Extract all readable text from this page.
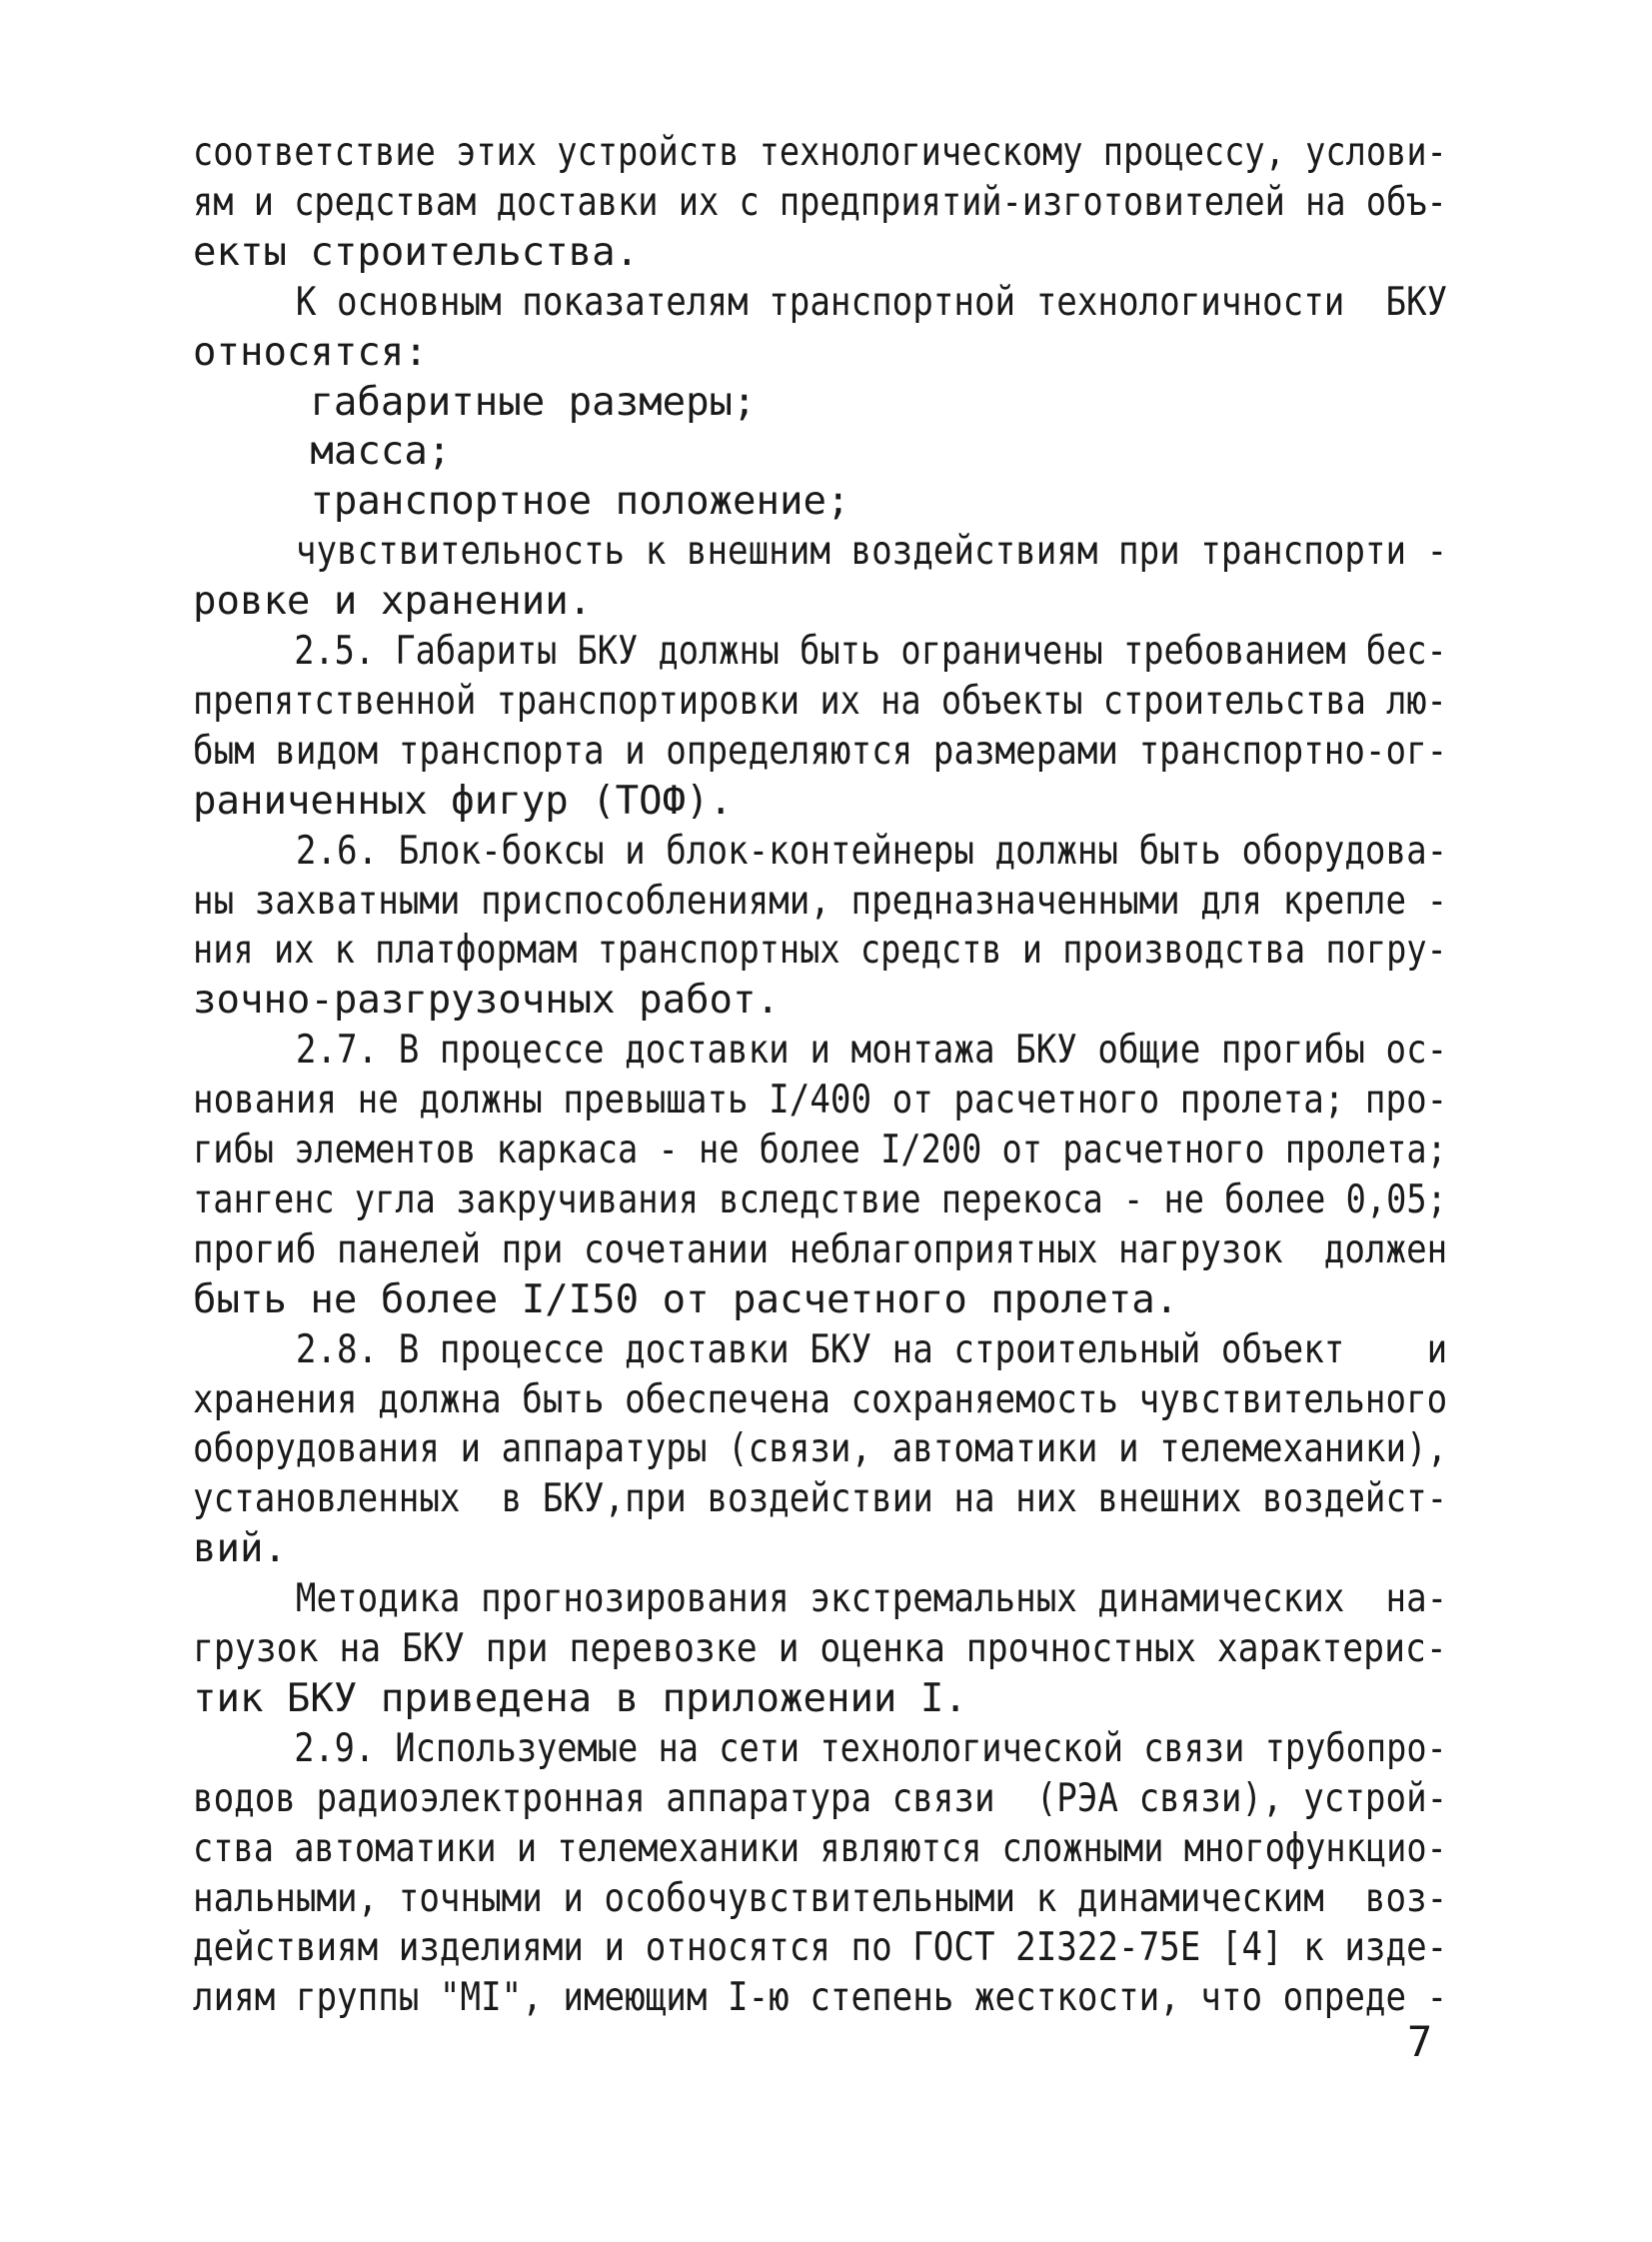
соответствие этих устройств технологическому процессу, услови-
ям и средствам доставки их с предприятий-изготовителей на объ-
екты строительства.
К основным показателям транспортной технологичности  БКУ
относятся:
габаритные размеры;
масса;
транспортное положение;
чувствительность к внешним воздействиям при транспорти -
ровке и хранении.
2.5. Габариты БКУ должны быть ограничены требованием бес-
препятственной транспортировки их на объекты строительства лю-
бым видом транспорта и определяются размерами транспортно-ог-
раниченных фигур (ТОФ).
2.6. Блок-боксы и блок-контейнеры должны быть оборудова-
ны захватными приспособлениями, предназначенными для крепле -
ния их к платформам транспортных средств и производства погру-
зочно-разгрузочных работ.
2.7. В процессе доставки и монтажа БКУ общие прогибы ос-
нования не должны превышать I/400 от расчетного пролета; про-
гибы элементов каркаса - не более I/200 от расчетного пролета;
тангенс угла закручивания вследствие перекоса - не более 0,05;
прогиб панелей при сочетании неблагоприятных нагрузок  должен
быть не более I/I50 от расчетного пролета.
2.8. В процессе доставки БКУ на строительный объект    и
хранения должна быть обеспечена сохраняемость чувствительного
оборудования и аппаратуры (связи, автоматики и телемеханики),
установленных  в БКУ,при воздействии на них внешних воздейст-
вий.
Методика прогнозирования экстремальных динамических  на-
грузок на БКУ при перевозке и оценка прочностных характерис-
тик БКУ приведена в приложении I.
2.9. Используемые на сети технологической связи трубопро-
водов радиоэлектронная аппаратура связи  (РЭА связи), устрой-
ства автоматики и телемеханики являются сложными многофункцио-
нальными, точными и особочувствительными к динамическим  воз-
действиям изделиями и относятся по ГОСТ 2I322-75Е [4] к изде-
лиям группы "МI", имеющим I-ю степень жесткости, что опреде -
7
